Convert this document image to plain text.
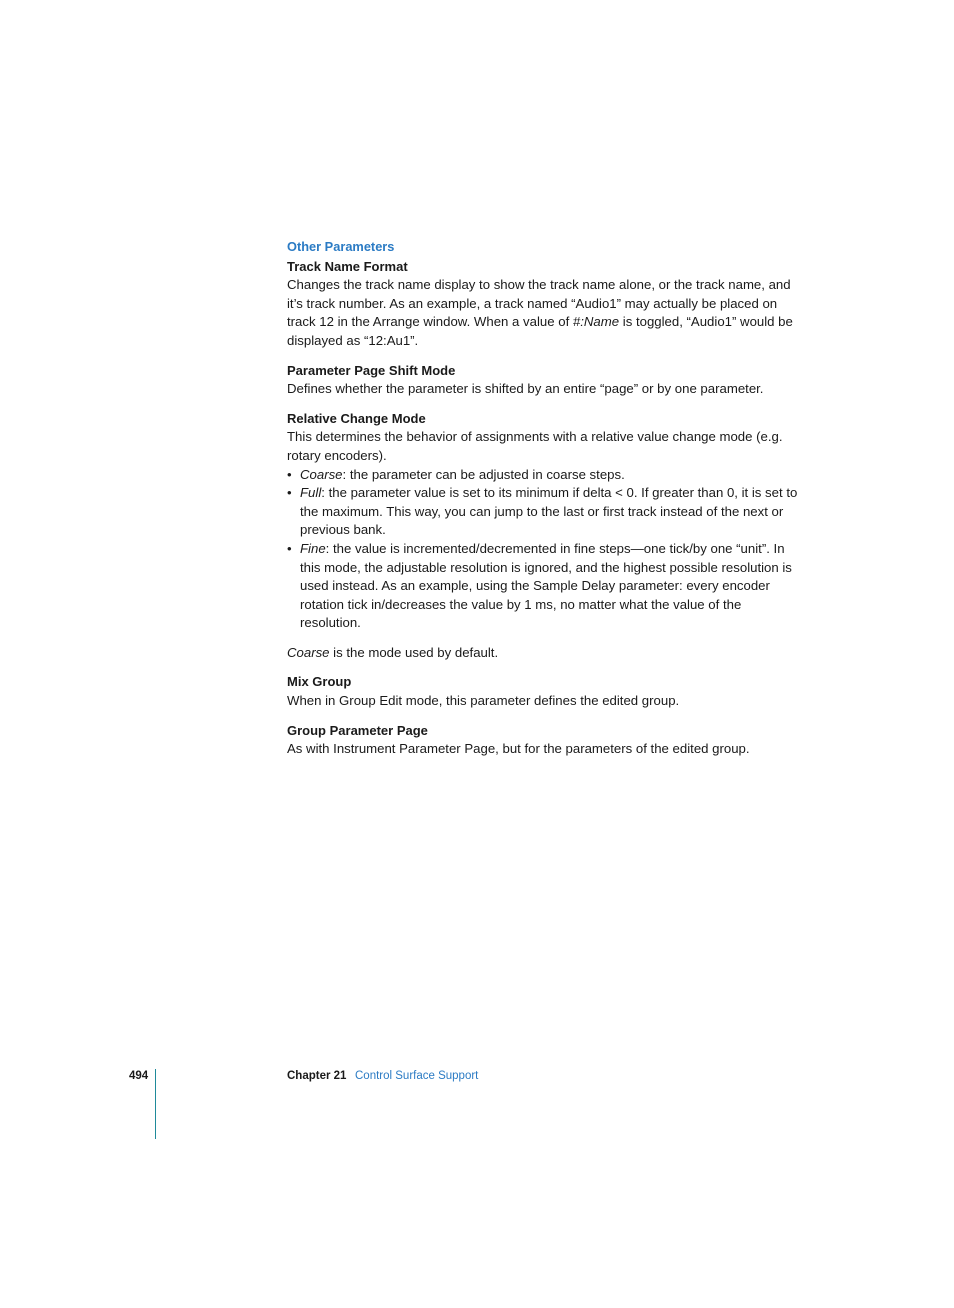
Other Parameters
Track Name Format

Changes the track name display to show the track name alone, or the track name, and it’s track number. As an example, a track named “Audio1” may actually be placed on track 12 in the Arrange window. When a value of #:Name is toggled, “Audio1” would be displayed as “12:Au1”.

Parameter Page Shift Mode

Defines whether the parameter is shifted by an entire “page” or by one parameter.

Relative Change Mode

This determines the behavior of assignments with a relative value change mode (e.g. rotary encoders).

• Coarse: the parameter can be adjusted in coarse steps.
• Full: the parameter value is set to its minimum if delta < 0. If greater than 0, it is set to the maximum. This way, you can jump to the last or first track instead of the next or previous bank.
• Fine: the value is incremented/decremented in fine steps—one tick/by one “unit”. In this mode, the adjustable resolution is ignored, and the highest possible resolution is used instead. As an example, using the Sample Delay parameter: every encoder rotation tick in/decreases the value by 1 ms, no matter what the value of the resolution.

Coarse is the mode used by default.

Mix Group

When in Group Edit mode, this parameter defines the edited group.

Group Parameter Page

As with Instrument Parameter Page, but for the parameters of the edited group.

494	Chapter 21 Control Surface Support
